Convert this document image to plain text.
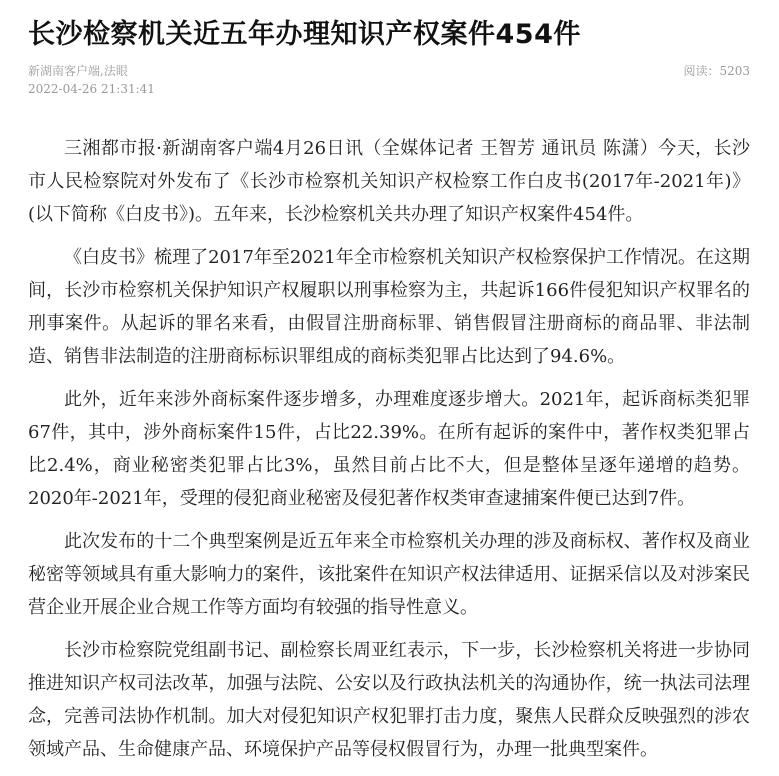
长沙检察机关近五年办理知识产权案件454件
新湖南客户端,法眼
2022-04-26 21:31:41
阅读：5203

三湘都市报·新湖南客户端4月26日讯（全媒体记者 王智芳 通讯员 陈潇）今天，长沙市人民检察院对外发布了《长沙市检察机关知识产权检察工作白皮书(2017年-2021年)》(以下简称《白皮书》)。五年来，长沙检察机关共办理了知识产权案件454件。

《白皮书》梳理了2017年至2021年全市检察机关知识产权检察保护工作情况。在这期间，长沙市检察机关保护知识产权履职以刑事检察为主，共起诉166件侵犯知识产权罪名的刑事案件。从起诉的罪名来看，由假冒注册商标罪、销售假冒注册商标的商品罪、非法制造、销售非法制造的注册商标标识罪组成的商标类犯罪占比达到了94.6%。

此外，近年来涉外商标案件逐步增多，办理难度逐步增大。2021年，起诉商标类犯罪67件，其中，涉外商标案件15件，占比22.39%。在所有起诉的案件中，著作权类犯罪占比2.4%，商业秘密类犯罪占比3%，虽然目前占比不大，但是整体呈逐年递增的趋势。2020年-2021年，受理的侵犯商业秘密及侵犯著作权类审查逮捕案件便已达到7件。

此次发布的十二个典型案例是近五年来全市检察机关办理的涉及商标权、著作权及商业秘密等领域具有重大影响力的案件，该批案件在知识产权法律适用、证据采信以及对涉案民营企业开展企业合规工作等方面均有较强的指导性意义。

长沙市检察院党组副书记、副检察长周亚红表示，下一步，长沙检察机关将进一步协同推进知识产权司法改革，加强与法院、公安以及行政执法机关的沟通协作，统一执法司法理念，完善司法协作机制。加大对侵犯知识产权犯罪打击力度，聚焦人民群众反映强烈的涉农领域产品、生命健康产品、环境保护产品等侵权假冒行为，办理一批典型案件。
